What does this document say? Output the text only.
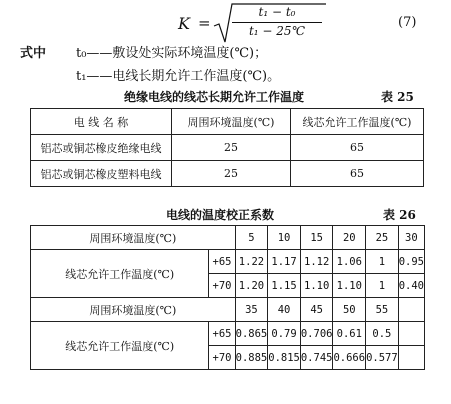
K =
t₁ − t₀
t₁ − 25℃
(7)
式中 t₀——敷设处实际环境温度(℃)；
t₁——电线长期允许工作温度(℃)。
绝缘电线的线芯长期允许工作温度	表 25
电 线 名 称	周围环境温度(℃)	线芯允许工作温度(℃)
铝芯或铜芯橡皮绝缘电线	25	65
铝芯或铜芯橡皮塑料电线	25	65
电线的温度校正系数	表 26
周围环境温度(℃)		5	10	15	20	25	30
线芯允许工作温度(℃)	+65	1.22	1.17	1.12	1.06	1	0.95
	+70	1.20	1.15	1.10	1.10	1	0.40
周围环境温度(℃)		35	40	45	50	55	
线芯允许工作温度(℃)	+65	0.865	0.79	0.706	0.61	0.5	
	+70	0.885	0.815	0.745	0.666	0.577	
